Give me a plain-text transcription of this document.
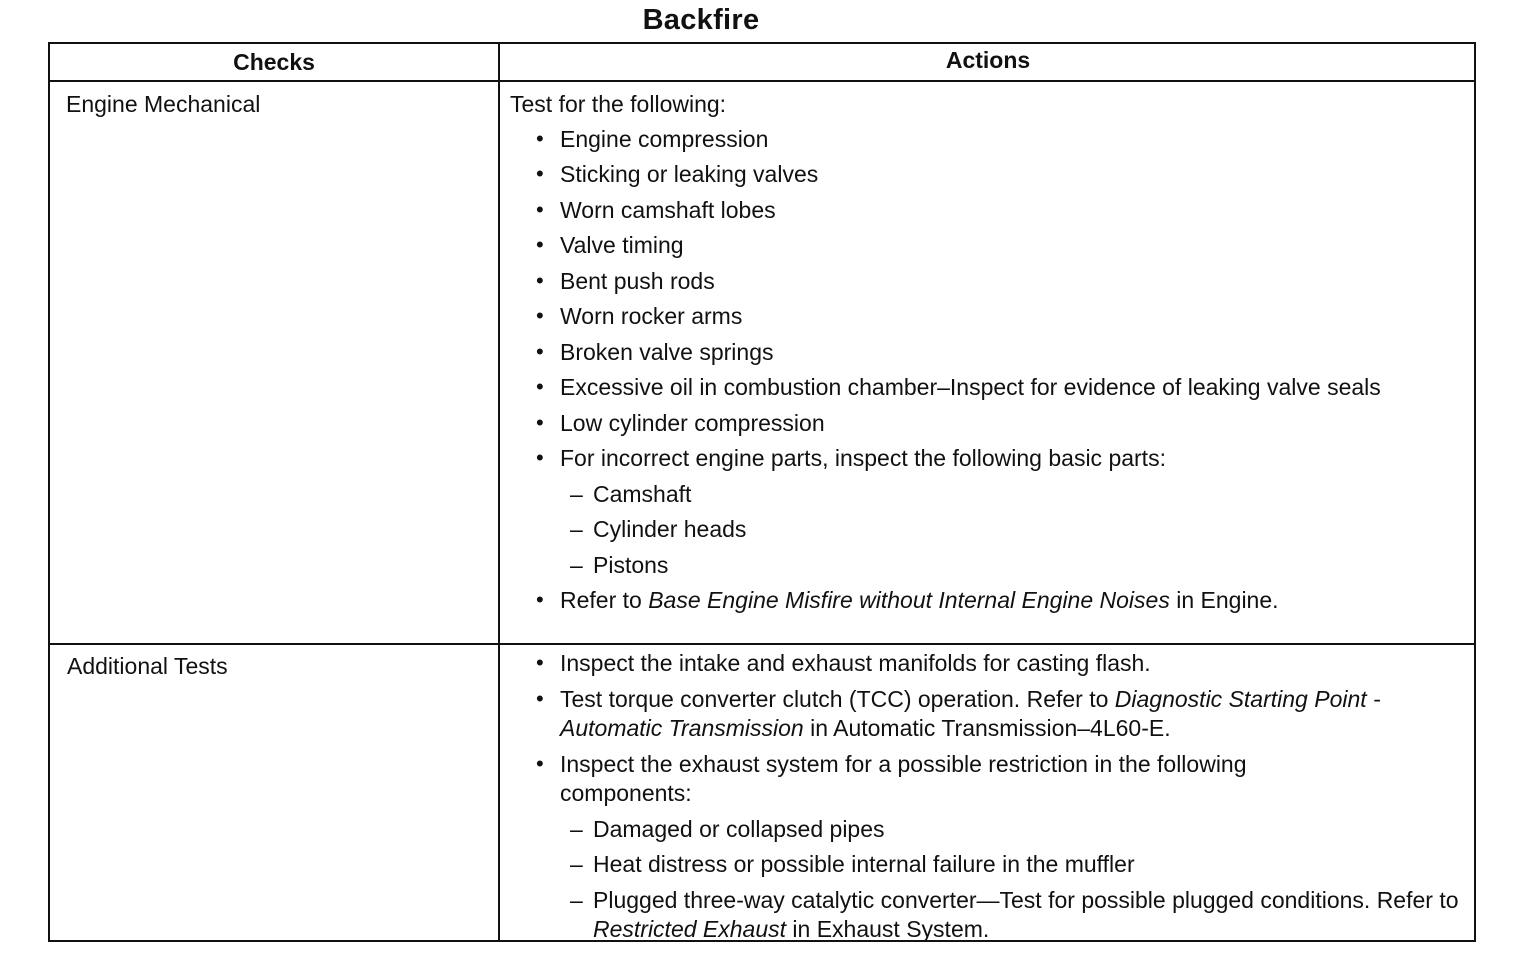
Backfire
Checks	Actions
Engine Mechanical	Test for the following:
• Engine compression
• Sticking or leaking valves
• Worn camshaft lobes
• Valve timing
• Bent push rods
• Worn rocker arms
• Broken valve springs
• Excessive oil in combustion chamber–Inspect for evidence of leaking valve seals
• Low cylinder compression
• For incorrect engine parts, inspect the following basic parts:
– Camshaft
– Cylinder heads
– Pistons
• Refer to Base Engine Misfire without Internal Engine Noises in Engine.
Additional Tests	• Inspect the intake and exhaust manifolds for casting flash.
• Test torque converter clutch (TCC) operation. Refer to Diagnostic Starting Point - Automatic Transmission in Automatic Transmission–4L60-E.
• Inspect the exhaust system for a possible restriction in the following components:
– Damaged or collapsed pipes
– Heat distress or possible internal failure in the muffler
– Plugged three-way catalytic converter—Test for possible plugged conditions. Refer to Restricted Exhaust in Exhaust System.
